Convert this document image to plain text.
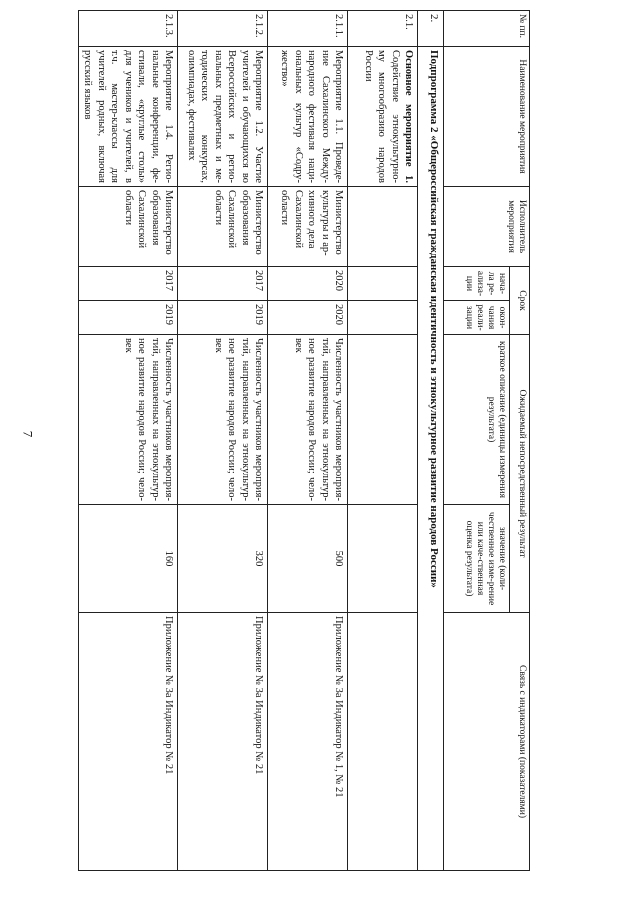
7
№ пп.	Наименование мероприятия	Исполнитель мероприятия	Срок		Ожидаемый непосредственный результат		Связь с индикаторами (показателями)
			нача-ла ре-ализа-ции	окон-чания реали-зации	краткое описание (единицы измерения результата)	значение (коли-чественное изме-рение или каче-ственная оценка результата)	
2.	Подпрограмма 2 «Общероссийская гражданская идентичность и этнокультурное развитие народов России»						
2.1.	Основное мероприятие 1. Содействие этнокультурно-му многообразию народов России						
2.1.1.	Мероприятие 1.1. Проведе-ние Сахалинского Между-народного фестиваля наци-ональных культур «Содру-жество»	Министерство культуры и ар-хивного дела Сахалинской области	2020	2020	Численность участников мероприя-тий, направленных на этнокультур-ное развитие народов России; чело-век	500	Приложение № 3а Индикатор № 1, № 21
2.1.2.	Мероприятие 1.2. Участие учителей и обучающихся во Всероссийских и регио-нальных предметных и ме-тодических конкурсах, олимпиадах, фестивалях	Министерство образования Сахалинской области	2017	2019	Численность участников мероприя-тий, направленных на этнокультур-ное развитие народов России; чело-век	320	Приложение № 3а Индикатор № 21
2.1.3.	Мероприятие 1.4. Регио-нальные конференции, фе-стивали, «круглые столы» для учеников и учителей, в т.ч. мастер-классы для учителей родных, включая русский языков	Министерство образования Сахалинской области	2017	2019	Численность участников мероприя-тий, направленных на этнокультур-ное развитие народов России; чело-век	160	Приложение № 3а Индикатор № 21
